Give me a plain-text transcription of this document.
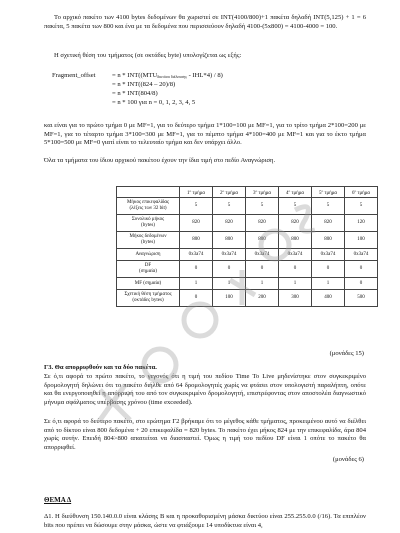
Το αρχικό πακέτο των 4100 bytes δεδομένων θα χωριστεί σε INT(4100/800)+1 πακέτα δηλαδή INT(5,125) + 1 = 6 πακέτα, 5 πακέτα των 800 και ένα με τα δεδομένα που περισσεύουν δηλαδή 4100-(5x800) = 4100-4000 = 100.

Η σχετική θέση του τμήματος (σε οκτάδες byte) υπολογίζεται ως εξής:

Fragment_offset	= n * $INT((MTU_{\delta\iota\kappa\tau ύo\upsilon \delta\iota έ\lambda\varepsilon\upsilon\sigma\eta\varsigma} - IHL*4) / 8)$

= n * INT((824 – 20)/8)

= n * INT(804/8)

= n * 100 για n = 0, 1, 2, 3, 4, 5

και είναι για το πρώτο τμήμα 0 με MF=1, για το δεύτερο τμήμα 1*100=100 με MF=1, για το τρίτο τμήμα 2*100=200 με MF=1, για το τέταρτο τμήμα 3*100=300 με MF=1, για το πέμπτο τμήμα 4*100=400 με MF=1 και για το έκτο τμήμα 5*100=500 με MF=0 γιατί είναι το τελευταίο τμήμα και δεν υπάρχει άλλο.

Όλα τα τμήματα του ίδιου αρχικού πακέτου έχουν την ίδια τιμή στο πεδίο Αναγνώριση.

	$1^o$ τμήμα	$2^o$ τμήμα	$3^o$ τμήμα	$4^o$ τμήμα	$5^o$ τμήμα	$6^o$ τμήμα
Μήκος επικεφαλίδας
(λέξεις των 32 bit)	5	5	5	5	5	5
Συνολικό μήκος
(bytes)	820	820	820	820	820	120
Μήκος δεδομένων
(bytes)	800	800	800	800	800	100
Αναγνώριση	0x3a74	0x3a74	0x3a74	0x3a74	0x3a74	0x3a74
DF
(σημαία)	0	0	0	0	0	0
MF (σημαία)	1	1	1	1	1	0
Σχετική θέση τμήματος
(οκτάδες bytes)	0	100	200	300	400	500

(μονάδες 15)

Γ3. Θα απορριφθούν και τα δύο πακέτα.

Σε ό,τι αφορά το πρώτο πακέτο, το γεγονός ότι η τιμή του πεδίου Time To Live μηδενίστηκε στον συγκεκριμένο δρομολογητή δηλώνει ότι το πακέτο διήλθε από 64 δρομολογητές χωρίς να φτάσει στον υπολογιστή παραλήπτη, οπότε και θα ενεργοποιηθεί η απόρριψή του από τον συγκεκριμένο δρομολογητή, επιστρέφοντας στον αποστολέα διαγνωστικό μήνυμα σφάλματος υπέρβασης χρόνου (time exceeded).

Σε ό,τι αφορά το δεύτερο πακέτο, στο ερώτημα Γ2 βρήκαμε ότι το μέγεθος κάθε τμήματος, προκειμένου αυτό να διέλθει από το δίκτυο είναι 800 δεδομένα + 20 επικεφαλίδα = 820 bytes. Το πακέτο έχει μήκος 824 με την επικεφαλίδα, άρα 804 χωρίς αυτήν. Επειδή 804>800 απαιτείται να διασπαστεί. Όμως η τιμή του πεδίου DF είναι 1 οπότε το πακέτο θα απορριφθεί.

(μονάδες 6)

ΘΕΜΑ Δ

Δ1. Η διεύθυνση 150.140.0.0 είναι κλάσης B και η προκαθορισμένη μάσκα δικτύου είναι 255.255.0.0 (/16). Τα επιπλέον bits που πρέπει να δώσουμε στην μάσκα, ώστε να φτιάξουμε 14 υποδίκτυα είναι 4,
